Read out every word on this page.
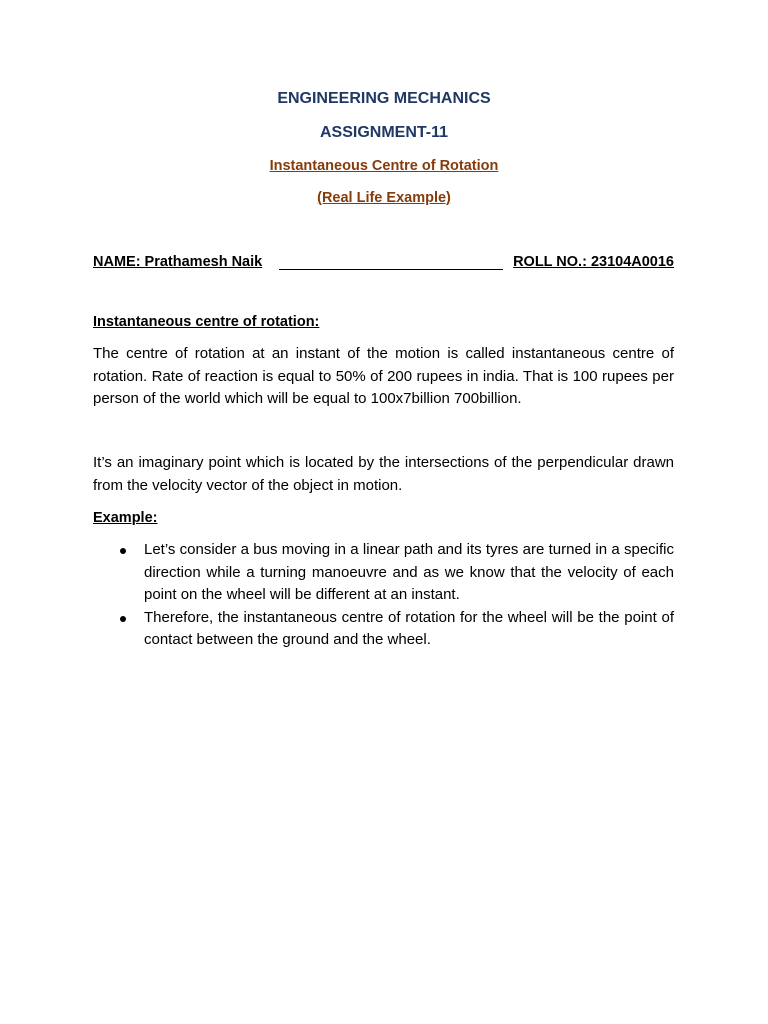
ENGINEERING MECHANICS
ASSIGNMENT-11
Instantaneous Centre of Rotation
(Real Life Example)
NAME: Prathamesh Naik	ROLL NO.: 23104A0016
Instantaneous centre of rotation:
The centre of rotation at an instant of the motion is called instantaneous centre of rotation. Rate of reaction is equal to 50% of 200 rupees in india. That is 100 rupees per person of the world which will be equal to 100x7billion 700billion.
It’s an imaginary point which is located by the intersections of the perpendicular drawn from the velocity vector of the object in motion.
Example:
Let’s consider a bus moving in a linear path and its tyres are turned in a specific direction while a turning manoeuvre and as we know that the velocity of each point on the wheel will be different at an instant.
Therefore, the instantaneous centre of rotation for the wheel will be the point of contact between the ground and the wheel.
